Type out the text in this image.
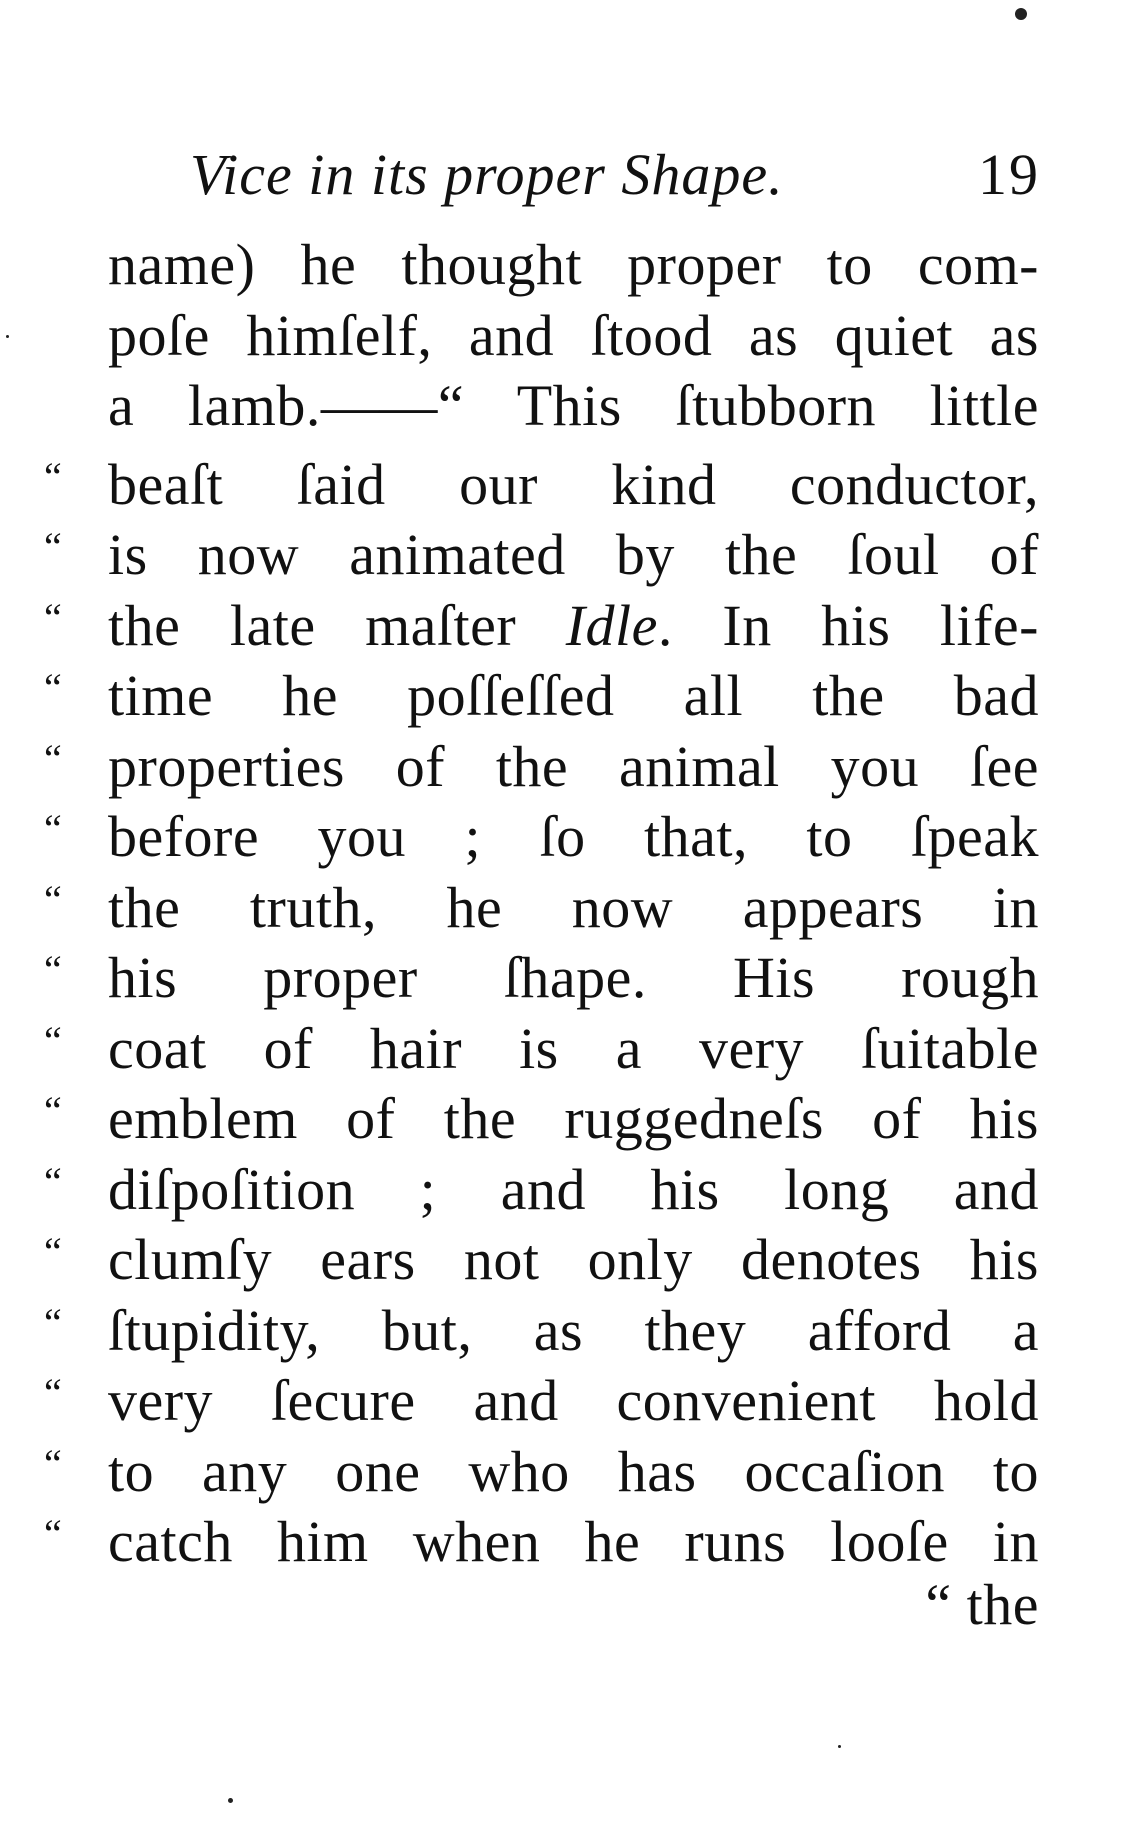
Vice in its proper Shape.	19
name) he thought proper to com-
poſe himſelf, and ſtood as quiet as
a lamb.——“ This ſtubborn little
“ beaſt ſaid our kind conductor,
“ is now animated by the ſoul of
“ the late maſter Idle. In his life-
“ time he poſſeſſed all the bad
“ properties of the animal you ſee
“ before you ; ſo that, to ſpeak
“ the truth, he now appears in
“ his proper ſhape. His rough
“ coat of hair is a very ſuitable
“ emblem of the ruggedneſs of his
“ diſpoſition ; and his long and
“ clumſy ears not only denotes his
“ ſtupidity, but, as they afford a
“ very ſecure and convenient hold
“ to any one who has occaſion to
“ catch him when he runs looſe in
“ the
